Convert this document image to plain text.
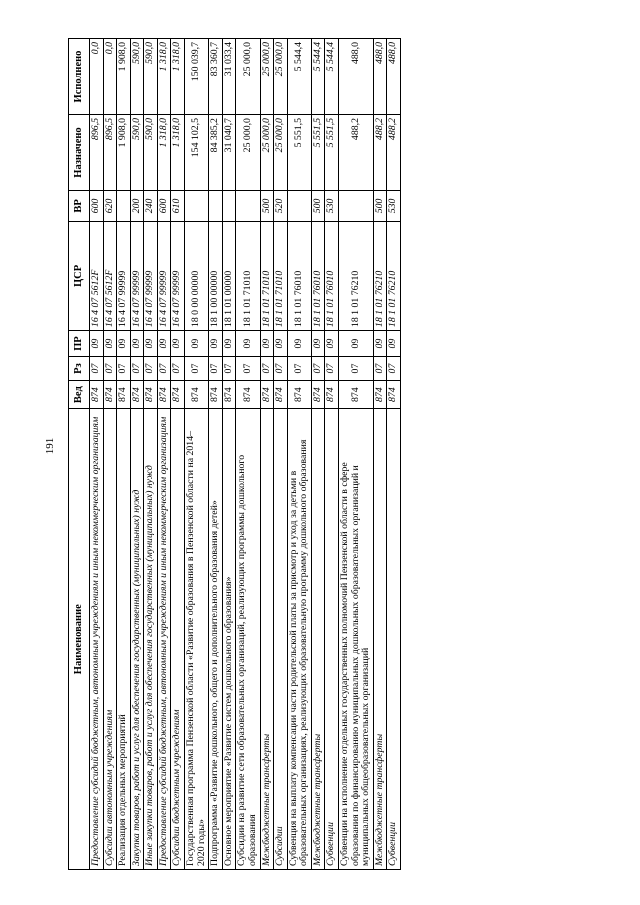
191
Наименование	Вед	Рз	ПР	ЦСР	ВР	Назначено	Исполнено
Предоставление субсидий бюджетным, автономным учреждениям и иным некоммерческим организациям	874	07	09	16 4 07 5612F	600	896,5	0,0
Субсидии автономным учреждениям	874	07	09	16 4 07 5612F	620	896,5	0,0
Реализация отдельных мероприятий	874	07	09	16 4 07 99999		1 908,0	1 908,0
Закупка товаров, работ и услуг для обеспечения государственных (муниципальных) нужд	874	07	09	16 4 07 99999	200	590,0	590,0
Иные закупки товаров, работ и услуг для обеспечения государственных (муниципальных) нужд	874	07	09	16 4 07 99999	240	590,0	590,0
Предоставление субсидий бюджетным, автономным учреждениям и иным некоммерческим организациям	874	07	09	16 4 07 99999	600	1 318,0	1 318,0
Субсидии бюджетным учреждениям	874	07	09	16 4 07 99999	610	1 318,0	1 318,0
Государственная программа Пензенской области «Развитие образования в Пензенской области на 2014–2020 годы»	874	07	09	18 0 00 00000		154 102,5	150 039,7
Подпрограмма «Развитие дошкольного, общего и дополнительного образования детей»	874	07	09	18 1 00 00000		84 385,2	83 360,7
Основное мероприятие «Развитие систем дошкольного образования»	874	07	09	18 1 01 00000		31 040,7	31 033,4
Субсидии на развитие сети образовательных организаций, реализующих программы дошкольного образования	874	07	09	18 1 01 71010		25 000,0	25 000,0
Межбюджетные трансферты	874	07	09	18 1 01 71010	500	25 000,0	25 000,0
Субсидии	874	07	09	18 1 01 71010	520	25 000,0	25 000,0
Субвенция на выплату компенсации части родительской платы за присмотр и уход за детьми в образовательных организациях, реализующих образовательную программу дошкольного образования	874	07	09	18 1 01 76010		5 551,5	5 544,4
Межбюджетные трансферты	874	07	09	18 1 01 76010	500	5 551,5	5 544,4
Субвенции	874	07	09	18 1 01 76010	530	5 551,5	5 544,4
Субвенции на исполнение отдельных государственных полномочий Пензенской области в сфере образования по финансированию муниципальных дошкольных образовательных организаций и муниципальных общеобразовательных организаций	874	07	09	18 1 01 76210		488,2	488,0
Межбюджетные трансферты	874	07	09	18 1 01 76210	500	488,2	488,0
Субвенции	874	07	09	18 1 01 76210	530	488,2	488,0
